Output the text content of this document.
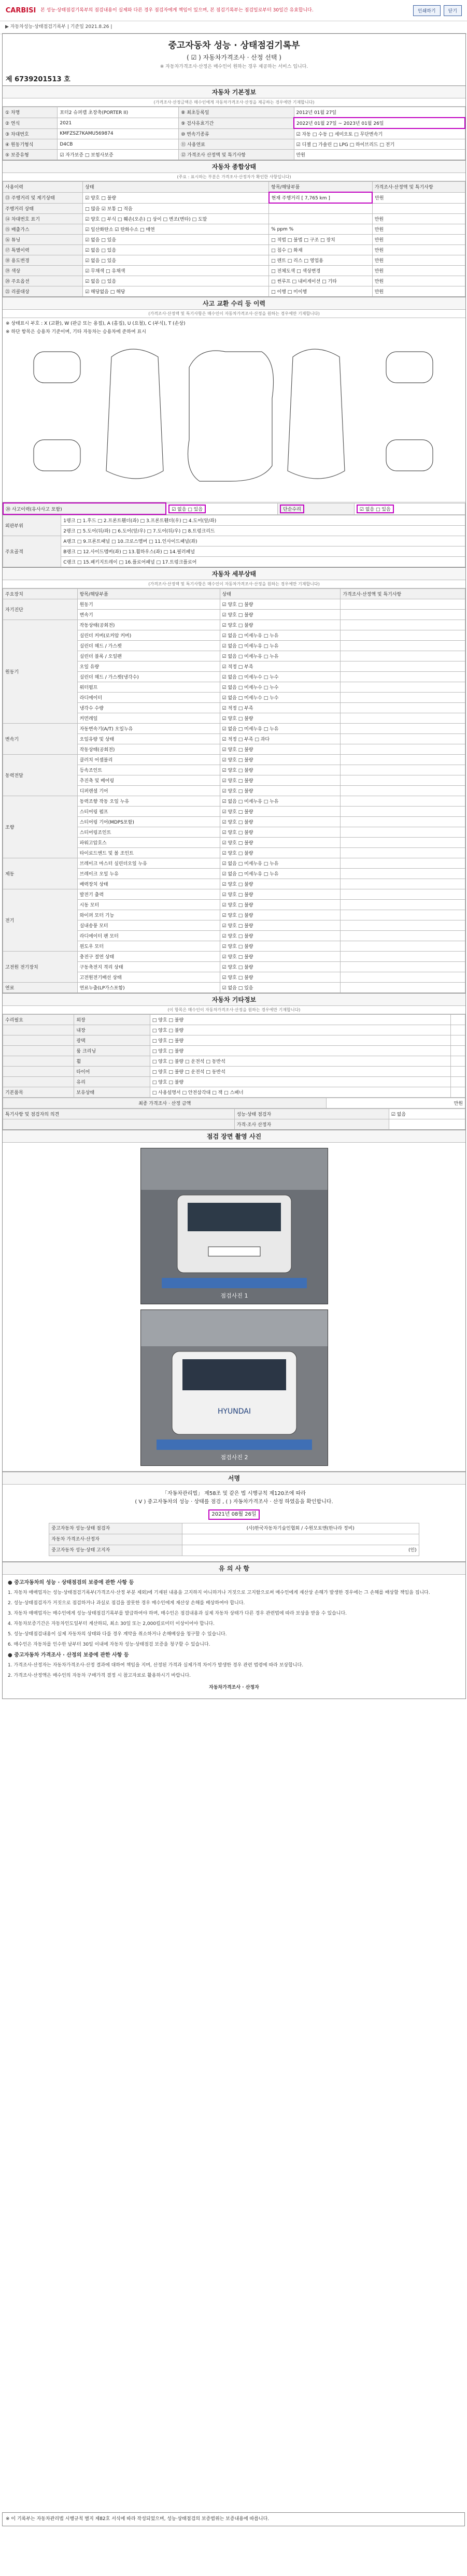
CARBISI 본 성능·상태점검기록부의 점검내용이 실제와 다른 경우 점검자에게 책임이 있으며, 본 점검기록부는 점검일로부터 30일간 유효합니다.	인쇄하기	닫기
▶ 자동차성능·상태점검기록부 | 기준일 2021.8.26 |
중고자동차 성능 · 상태점검기록부
( ☑ ) 자동차가격조사 · 산정 선택 )
※ 자동차가격조사·산정은 매수인이 원하는 경우 제공하는 서비스 입니다.
제 6739201513 호
자동차 기본정보
(가격조사·산정금액은 매수인에게 자동차가격조사·산정을 제공하는 경우에만 기재합니다)
① 차명	포터2 슈퍼캡 초장축(PORTER II)	⑧ 최초등록일	2012년 01월 27일
② 연식	2021	⑨ 검사유효기간	2022년 01월 27일 ~ 2023년 01월 26일
③ 차대번호	KMFZSZ7KAMU569874	⑩ 변속기종류	☑ 자동 □ 수동 □ 세미오토 □ 무단변속기
④ 원동기형식	D4CB	⑪ 사용연료	☑ 디젤 □ 가솔린 □ LPG □ 하이브리드 □ 전기
⑤ 보증유형	☑ 자가보증 □ 보험사보증	⑫ 가격조사 산정액 및 특기사항	만원
자동차 종합상태
(주요 : 표시하는 부분은 가격조사·산정자가 확인한 사항입니다)
사용이력	상태	항목/해당부품	가격조사·산정액 및 특기사항
⑬ 주행거리 및 계기상태	☑ 양호 □ 불량	현재 주행거리 [ 7,765 km ]	만원
주행거리 상태	□ 많음 ☑ 보통 □ 적음		
⑭ 차대번호 표기	☑ 양호 □ 부식 □ 훼손(오손) □ 상이 □ 변조(변타) □ 도말		만원
⑮ 배출가스	☑ 일산화탄소 ☑ 탄화수소 □ 매연	% ppm %	만원
⑯ 튜닝	☑ 없음 □ 있음	□ 적법 □ 불법 □ 구조 □ 장치	만원
⑰ 특별이력	☑ 없음 □ 있음	□ 침수 □ 화재	만원
⑱ 용도변경	☑ 없음 □ 있음	□ 렌트 □ 리스 □ 영업용	만원
⑲ 색상	☑ 무채색 □ 유채색	□ 전체도색 □ 색상변경	만원
⑳ 주요옵션	☑ 없음 □ 있음	□ 썬루프 □ 내비게이션 □ 기타	만원
㉑ 리콜대상	☑ 해당없음 □ 해당	□ 이행 □ 미이행	만원
사고 교환 수리 등 이력
(가격조사·산정액 및 특기사항은 매수인이 자동차가격조사·산정을 원하는 경우에만 기재합니다)
※ 상태표시 부호 : X (교환), W (판금 또는 용접), A (흠집), U (요철), C (부식), T (손상)
※ 하단 항목은 승용차 기준이며, 기타 자동차는 승용차에 준하여 표시
⑳ 사고이력(유사사고 포함)	☑ 없음 □ 있음	단순수리	☑ 없음 □ 있음
외판부위	1랭크 □ 1.후드 □ 2.프론트휀더(좌) □ 3.프론트휀더(우) □ 4.도어(앞/좌)
	2랭크 □ 5.도어(뒤/좌) □ 6.도어(앞/우) □ 7.도어(뒤/우) □ 8.트렁크리드
주요골격	A랭크 □ 9.프론트패널 □ 10.크로스멤버 □ 11.인사이드패널(좌)
	B랭크 □ 12.사이드멤버(좌) □ 13.휠하우스(좌) □ 14.필러패널
	C랭크 □ 15.패키지트레이 □ 16.플로어패널 □ 17.트렁크플로어
자동차 세부상태
(가격조사·산정액 및 특기사항은 매수인이 자동차가격조사·산정을 원하는 경우에만 기재합니다)
주요장치	항목/해당부품	상태	가격조사·산정액 및 특기사항
자기진단	원동기	☑ 양호 □ 불량	
	변속기	☑ 양호 □ 불량	
원동기	작동상태(공회전)	☑ 양호 □ 불량	
	실린더 커버(로커암 커버)	☑ 없음 □ 미세누유 □ 누유	
	실린더 헤드 / 가스켓	☑ 없음 □ 미세누유 □ 누유	
	실린더 블록 / 오일팬	☑ 없음 □ 미세누유 □ 누유	
	오일 유량	☑ 적정 □ 부족	
	실린더 헤드 / 가스켓(냉각수)	☑ 없음 □ 미세누수 □ 누수	
	워터펌프	☑ 없음 □ 미세누수 □ 누수	
	라디에이터	☑ 없음 □ 미세누수 □ 누수	
	냉각수 수량	☑ 적정 □ 부족	
	커먼레일	☑ 양호 □ 불량	
변속기	자동변속기(A/T) 오일누유	☑ 없음 □ 미세누유 □ 누유	
	오일유량 및 상태	☑ 적정 □ 부족 □ 과다	
	작동상태(공회전)	☑ 양호 □ 불량	
동력전달	클러치 어셈블리	☑ 양호 □ 불량	
	등속조인트	☑ 양호 □ 불량	
	추진축 및 베어링	☑ 양호 □ 불량	
	디퍼렌셜 기어	☑ 양호 □ 불량	
조향	동력조향 작동 오일 누유	☑ 없음 □ 미세누유 □ 누유	
	스티어링 펌프	☑ 양호 □ 불량	
	스티어링 기어(MDPS포함)	☑ 양호 □ 불량	
	스티어링조인트	☑ 양호 □ 불량	
	파워고압호스	☑ 양호 □ 불량	
	타이로드엔드 및 볼 조인트	☑ 양호 □ 불량	
제동	브레이크 마스터 실린더오일 누유	☑ 없음 □ 미세누유 □ 누유	
	브레이크 오일 누유	☑ 없음 □ 미세누유 □ 누유	
	배력장치 상태	☑ 양호 □ 불량	
전기	발전기 출력	☑ 양호 □ 불량	
	시동 모터	☑ 양호 □ 불량	
	와이퍼 모터 기능	☑ 양호 □ 불량	
	실내송풍 모터	☑ 양호 □ 불량	
	라디에이터 팬 모터	☑ 양호 □ 불량	
	윈도우 모터	☑ 양호 □ 불량	
고전원 전기장치	충전구 절연 상태	☑ 양호 □ 불량	
	구동축전지 격리 상태	☑ 양호 □ 불량	
	고전원전기배선 상태	☑ 양호 □ 불량	
연료	연료누출(LP가스포함)	☑ 없음 □ 있음	
자동차 기타정보
(이 항목은 매수인이 자동차가격조사·산정을 원하는 경우에만 기재합니다)
수리필요	외장	□ 양호 □ 불량	
	내장	□ 양호 □ 불량	
	광택	□ 양호 □ 불량	
	룸 크리닝	□ 양호 □ 불량	
	휠	□ 양호 □ 불량 □ 운전석 □ 동반석	
	타이어	□ 양호 □ 불량 □ 운전석 □ 동반석	
	유리	□ 양호 □ 불량	
기본품목	보유상태	□ 사용설명서 □ 안전삼각대 □ 잭 □ 스패너	
최종 가격조사 · 산정 금액	만원
특기사항 및 점검자의 의견	성능·상태 점검자	☑ 없음
	가격·조사 산정자	
점검 장면 촬영 사진
점검사진 1
HYUNDAI
점검사진 2
서명
「자동차관리법」 제58조 및 같은 법 시행규칙 제120조에 따라
( V ) 중고자동차의 성능 · 상태를 점검 , ( ) 자동차가격조사 · 산정 하였음을 확인합니다.
2021년 08월 26일
중고자동차 성능·상태 점검자	(사)한국자동차기술인협회 / 수원모토맨(한나라 정비)
자동차 가격조사·산정자	
중고자동차 성능·상태 고지자	(인)
유 의 사 항

● 중고자동차의 성능 · 상태점검의 보증에 관한 사항 등

1. 자동차 매매업자는 성능·상태점검기록부(가격조사·산정 부분 제외)에 기재된 내용을 고지하지 아니하거나 거짓으로 고지함으로써 매수인에게 재산상 손해가 발생한 경우에는 그 손해를 배상할 책임을 집니다.

2. 성능·상태점검자가 거짓으로 점검하거나 과실로 점검을 잘못한 경우 매수인에게 재산상 손해를 배상하여야 합니다.

3. 자동차 매매업자는 매수인에게 성능·상태점검기록부를 발급하여야 하며, 매수인은 점검내용과 실제 자동차 상태가 다른 경우 관련법에 따라 보상을 받을 수 있습니다.

4. 자동차보증기간은 자동차인도일부터 계산하되, 최소 30일 또는 2,000킬로미터 이상이어야 합니다.

5. 성능·상태점검내용이 실제 자동차의 상태와 다를 경우 계약을 취소하거나 손해배상을 청구할 수 있습니다.

6. 매수인은 자동차를 인수한 날부터 30일 이내에 자동차 성능·상태점검 보증을 청구할 수 있습니다.

● 중고자동차 가격조사 · 산정의 보증에 관한 사항 등

1. 가격조사·산정자는 자동차가격조사·산정 결과에 대하여 책임을 지며, 산정된 가격과 실제가격 차이가 발생한 경우 관련 법령에 따라 보상합니다.

2. 가격조사·산정액은 매수인의 자동차 구매가격 결정 시 참고자료로 활용하시기 바랍니다.

자동차가격조사 · 산정자

※ 이 기록부는 자동차관리법 시행규칙 별지 제82호 서식에 따라 작성되었으며, 성능·상태점검의 보증범위는 보증내용에 따릅니다.
